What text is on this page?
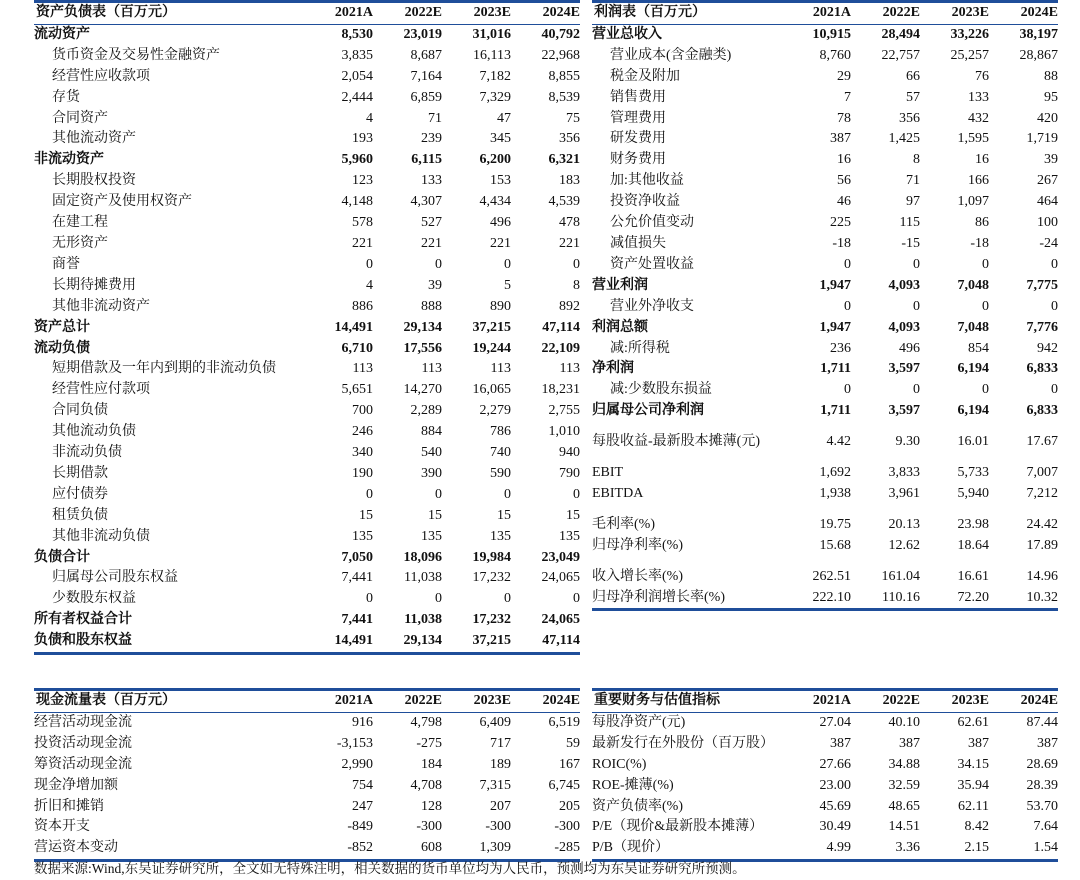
资产负债表（百万元）	2021A	2022E	2023E	2024E
流动资产	8,530	23,019	31,016	40,792
货币资金及交易性金融资产	3,835	8,687	16,113	22,968
经营性应收款项	2,054	7,164	7,182	8,855
存货	2,444	6,859	7,329	8,539
合同资产	4	71	47	75
其他流动资产	193	239	345	356
非流动资产	5,960	6,115	6,200	6,321
长期股权投资	123	133	153	183
固定资产及使用权资产	4,148	4,307	4,434	4,539
在建工程	578	527	496	478
无形资产	221	221	221	221
商誉	0	0	0	0
长期待摊费用	4	39	5	8
其他非流动资产	886	888	890	892
资产总计	14,491	29,134	37,215	47,114
流动负债	6,710	17,556	19,244	22,109
短期借款及一年内到期的非流动负债	113	113	113	113
经营性应付款项	5,651	14,270	16,065	18,231
合同负债	700	2,289	2,279	2,755
其他流动负债	246	884	786	1,010
非流动负债	340	540	740	940
长期借款	190	390	590	790
应付债券	0	0	0	0
租赁负债	15	15	15	15
其他非流动负债	135	135	135	135
负债合计	7,050	18,096	19,984	23,049
归属母公司股东权益	7,441	11,038	17,232	24,065
少数股东权益	0	0	0	0
所有者权益合计	7,441	11,038	17,232	24,065
负债和股东权益	14,491	29,134	37,215	47,114
利润表（百万元）	2021A	2022E	2023E	2024E
营业总收入	10,915	28,494	33,226	38,197
营业成本(含金融类)	8,760	22,757	25,257	28,867
税金及附加	29	66	76	88
销售费用	7	57	133	95
管理费用	78	356	432	420
研发费用	387	1,425	1,595	1,719
财务费用	16	8	16	39
加:其他收益	56	71	166	267
投资净收益	46	97	1,097	464
公允价值变动	225	115	86	100
减值损失	-18	-15	-18	-24
资产处置收益	0	0	0	0
营业利润	1,947	4,093	7,048	7,775
营业外净收支	0	0	0	0
利润总额	1,947	4,093	7,048	7,776
减:所得税	236	496	854	942
净利润	1,711	3,597	6,194	6,833
减:少数股东损益	0	0	0	0
归属母公司净利润	1,711	3,597	6,194	6,833

每股收益-最新股本摊薄(元)	4.42	9.30	16.01	17.67

EBIT	1,692	3,833	5,733	7,007
EBITDA	1,938	3,961	5,940	7,212

毛利率(%)	19.75	20.13	23.98	24.42
归母净利率(%)	15.68	12.62	18.64	17.89

收入增长率(%)	262.51	161.04	16.61	14.96
归母净利润增长率(%)	222.10	110.16	72.20	10.32
现金流量表（百万元）	2021A	2022E	2023E	2024E
经营活动现金流	916	4,798	6,409	6,519
投资活动现金流	-3,153	-275	717	59
筹资活动现金流	2,990	184	189	167
现金净增加额	754	4,708	7,315	6,745
折旧和摊销	247	128	207	205
资本开支	-849	-300	-300	-300
营运资本变动	-852	608	1,309	-285
重要财务与估值指标	2021A	2022E	2023E	2024E
每股净资产(元)	27.04	40.10	62.61	87.44
最新发行在外股份（百万股）	387	387	387	387
ROIC(%)	27.66	34.88	34.15	28.69
ROE-摊薄(%)	23.00	32.59	35.94	28.39
资产负债率(%)	45.69	48.65	62.11	53.70
P/E（现价&最新股本摊薄）	30.49	14.51	8.42	7.64
P/B（现价）	4.99	3.36	2.15	1.54
数据来源:Wind,东吴证券研究所，全文如无特殊注明，相关数据的货币单位均为人民币，预测均为东吴证券研究所预测。
